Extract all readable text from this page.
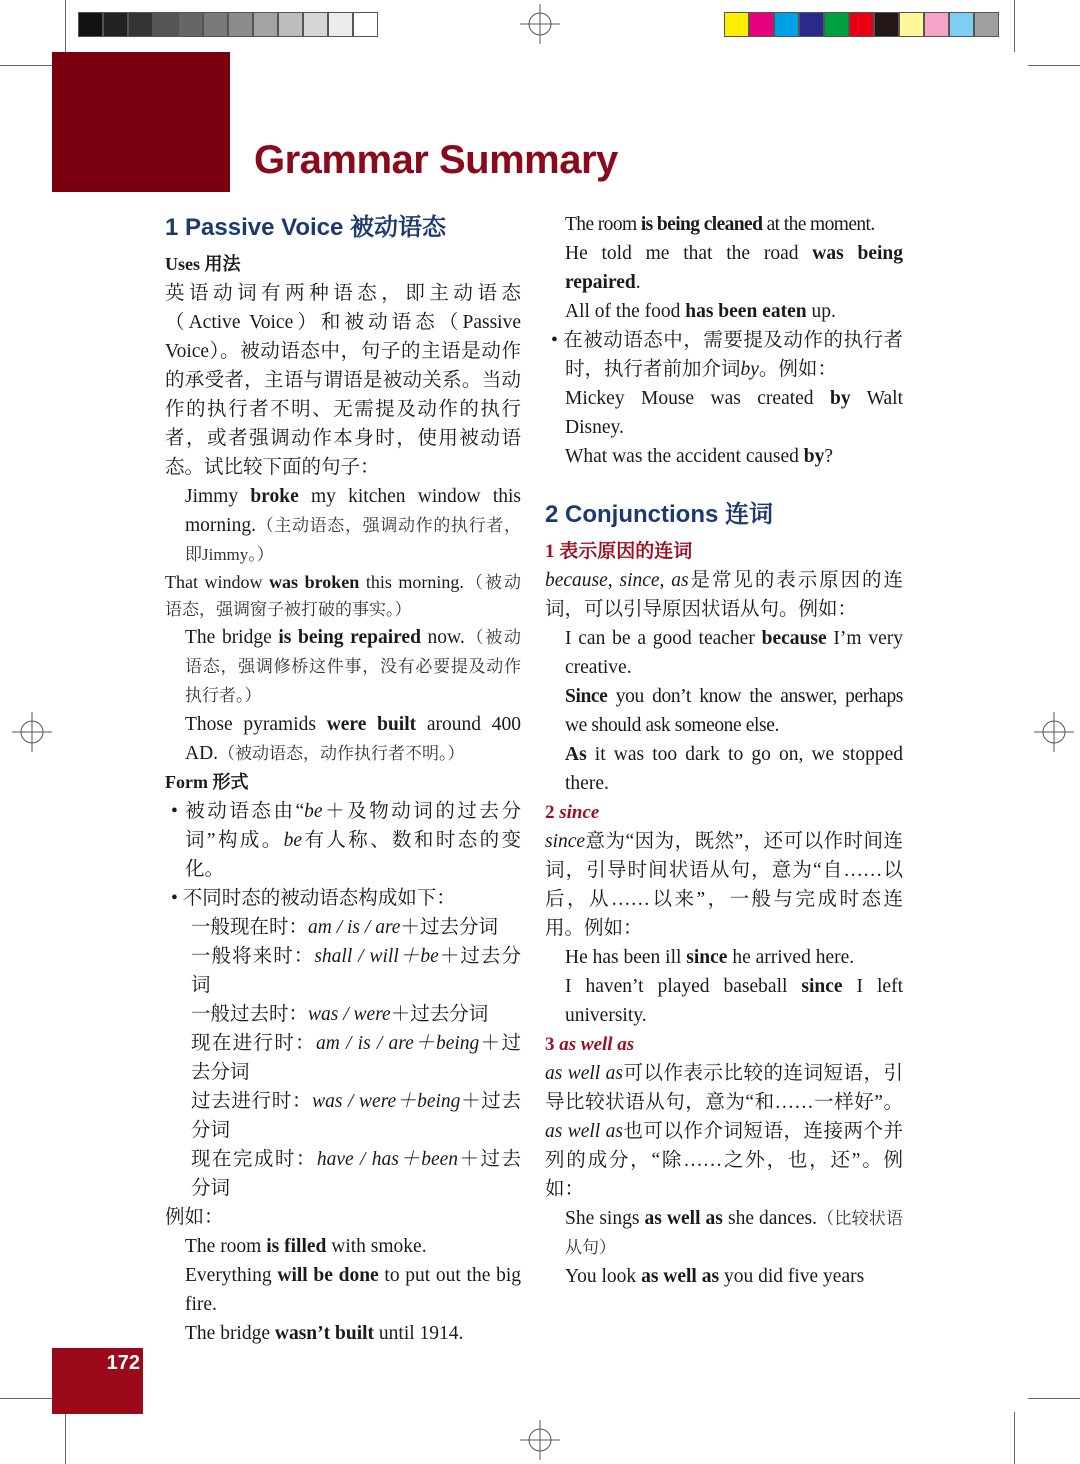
Grammar Summary
1 Passive Voice 被动语态
Uses 用法

英语动词有两种语态，即主动语态（Active Voice）和被动语态（Passive Voice）。被动语态中，句子的主语是动作的承受者，主语与谓语是被动关系。当动作的执行者不明、无需提及动作的执行者，或者强调动作本身时，使用被动语态。试比较下面的句子：

Jimmy broke my kitchen window this morning.（主动语态，强调动作的执行者，即Jimmy。）

That window was broken this morning.（被动语态，强调窗子被打破的事实。）

The bridge is being repaired now.（被动语态，强调修桥这件事，没有必要提及动作执行者。）

Those pyramids were built around 400 AD.（被动语态，动作执行者不明。）

Form 形式

• 被动语态由“be＋及物动词的过去分词”构成。be有人称、数和时态的变化。

• 不同时态的被动语态构成如下：

一般现在时：am / is / are＋过去分词

一般将来时：shall / will＋be＋过去分词

一般过去时：was / were＋过去分词

现在进行时：am / is / are＋being＋过去分词

过去进行时：was / were＋being＋过去分词

现在完成时：have / has＋been＋过去分词

例如：

The room is filled with smoke.

Everything will be done to put out the big fire.

The bridge wasn’t built until 1914.

The room is being cleaned at the moment.

He told me that the road was being repaired.

All of the food has been eaten up.

• 在被动语态中，需要提及动作的执行者时，执行者前加介词by。例如：

Mickey Mouse was created by Walt Disney.

What was the accident caused by?

2 Conjunctions 连词
1 表示原因的连词

because, since, as是常见的表示原因的连词，可以引导原因状语从句。例如：

I can be a good teacher because I’m very creative.

Since you don’t know the answer, perhaps we should ask someone else.

As it was too dark to go on, we stopped there.

2 since

since意为“因为，既然”，还可以作时间连词，引导时间状语从句，意为“自……以后，从……以来”，一般与完成时态连用。例如：

He has been ill since he arrived here.

I haven’t played baseball since I left university.

3 as well as

as well as可以作表示比较的连词短语，引导比较状语从句，意为“和……一样好”。as well as也可以作介词短语，连接两个并列的成分，“除……之外，也，还”。例如：

She sings as well as she dances.（比较状语从句）

You look as well as you did five years

172
